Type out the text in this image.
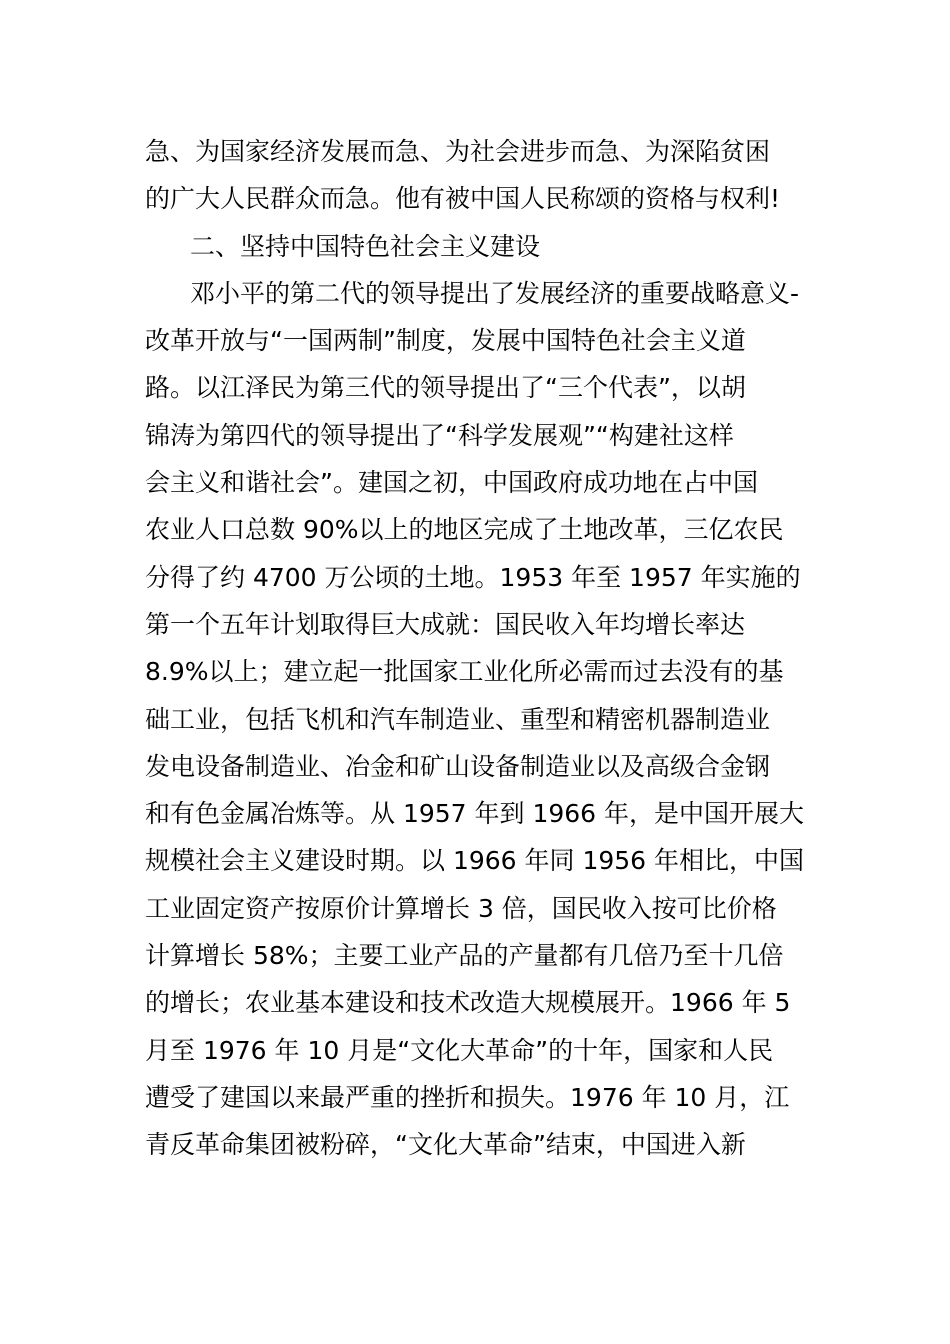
急、为国家经济发展而急、为社会进步而急、为深陷贫困
的广大人民群众而急。他有被中国人民称颂的资格与权利!
二、坚持中国特色社会主义建设
邓小平的第二代的领导提出了发展经济的重要战略意义-
改革开放与“一国两制”制度，发展中国特色社会主义道
路。以江泽民为第三代的领导提出了“三个代表”，以胡
锦涛为第四代的领导提出了“科学发展观”“构建社这样
会主义和谐社会”。建国之初，中国政府成功地在占中国
农业人口总数 90%以上的地区完成了土地改革，三亿农民
分得了约 4700 万公顷的土地。1953 年至 1957 年实施的
第一个五年计划取得巨大成就：国民收入年均增长率达
8.9%以上；建立起一批国家工业化所必需而过去没有的基
础工业，包括飞机和汽车制造业、重型和精密机器制造业
发电设备制造业、冶金和矿山设备制造业以及高级合金钢
和有色金属冶炼等。从 1957 年到 1966 年，是中国开展大
规模社会主义建设时期。以 1966 年同 1956 年相比，中国
工业固定资产按原价计算增长 3 倍，国民收入按可比价格
计算增长 58%；主要工业产品的产量都有几倍乃至十几倍
的增长；农业基本建设和技术改造大规模展开。1966 年 5
月至 1976 年 10 月是“文化大革命”的十年，国家和人民
遭受了建国以来最严重的挫折和损失。1976 年 10 月，江
青反革命集团被粉碎，“文化大革命”结束，中国进入新
